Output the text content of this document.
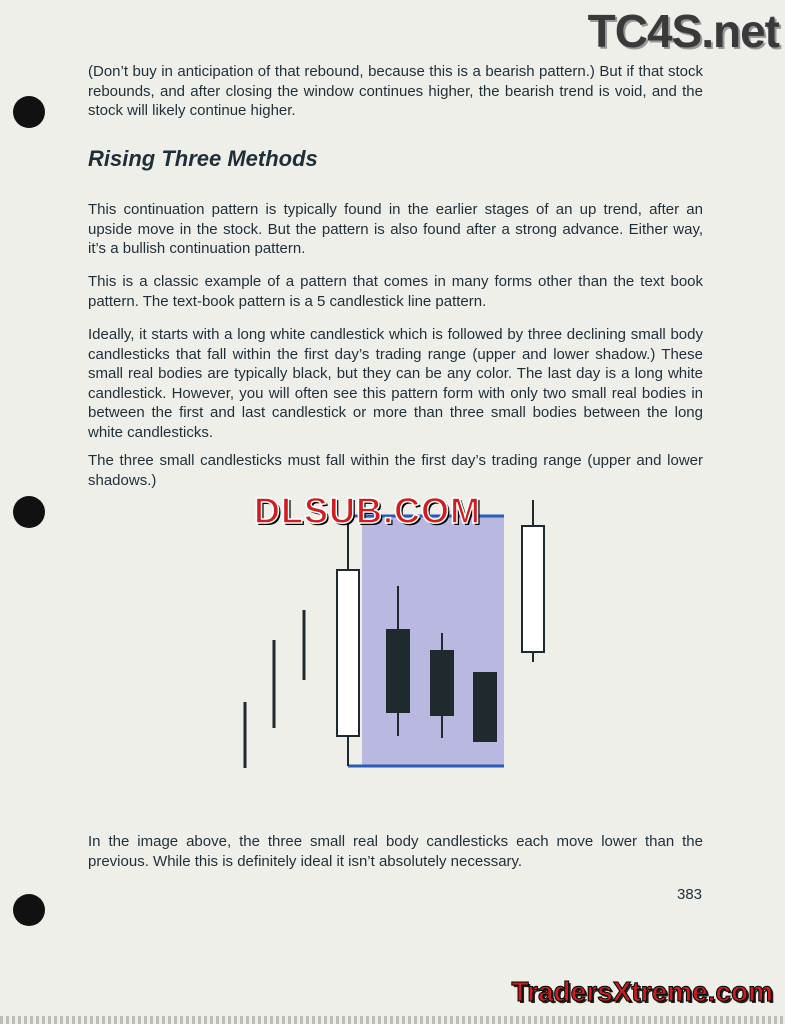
TC4S.net

(Don’t buy in anticipation of that rebound, because this is a bearish pattern.) But if that stock rebounds, and after closing the window continues higher, the bearish trend is void, and the stock will likely continue higher.

Rising Three Methods

This continuation pattern is typically found in the earlier stages of an up trend, after an upside move in the stock. But the pattern is also found after a strong advance. Either way, it’s a bullish continuation pattern.

This is a classic example of a pattern that comes in many forms other than the text book pattern. The text-book pattern is a 5 candlestick line pattern.

Ideally, it starts with a long white candlestick which is followed by three declining small body candlesticks that fall within the first day’s trading range (upper and lower shadow.) These small real bodies are typically black, but they can be any color. The last day is a long white candlestick. However, you will often see this pattern form with only two small real bodies in between the first and last candlestick or more than three small bodies between the long white candlesticks.

The three small candlesticks must fall within the first day’s trading range (upper and lower shadows.)

DLSUB.COM

In the image above, the three small real body candlesticks each move lower than the previous. While this is definitely ideal it isn’t absolutely necessary.

383
TradersXtreme.com
